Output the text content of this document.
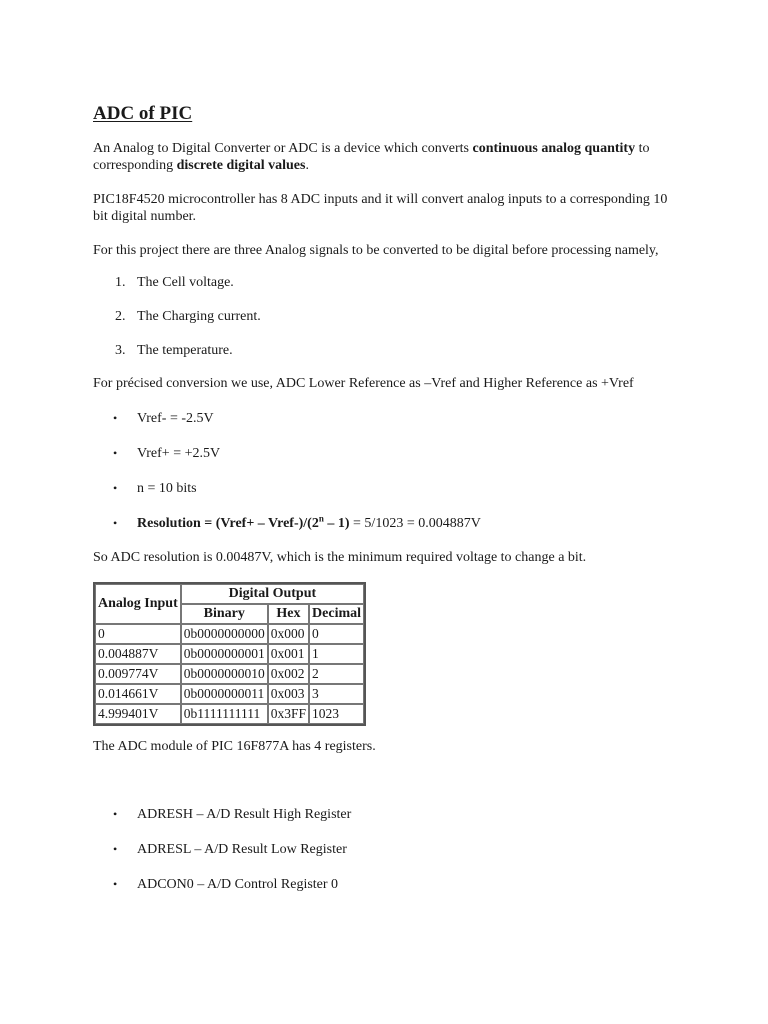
ADC of PIC

An Analog to Digital Converter or ADC is a device which converts continuous analog quantity to corresponding discrete digital values.

PIC18F4520 microcontroller has 8 ADC inputs and it will convert analog inputs to a corresponding 10 bit digital number.

For this project there are three Analog signals to be converted to be digital before processing namely,

1. The Cell voltage.
2. The Charging current.
3. The temperature.

For précised conversion we use, ADC Lower Reference as –Vref and Higher Reference as +Vref

•	Vref- = -2.5V
•	Vref+ = +2.5V
•	n = 10 bits
•	Resolution = (Vref+ – Vref-)/(2$^n$ – 1) = 5/1023 = 0.004887V

So ADC resolution is 0.00487V, which is the minimum required voltage to change a bit.

Analog Input	Digital Output		
	Binary	Hex	Decimal
0	0b0000000000	0x000	0
0.004887V	0b0000000001	0x001	1
0.009774V	0b0000000010	0x002	2
0.014661V	0b0000000011	0x003	3
4.999401V	0b1111111111	0x3FF	1023

The ADC module of PIC 16F877A has 4 registers.

•	ADRESH – A/D Result High Register
•	ADRESL – A/D Result Low Register
•	ADCON0 – A/D Control Register 0
